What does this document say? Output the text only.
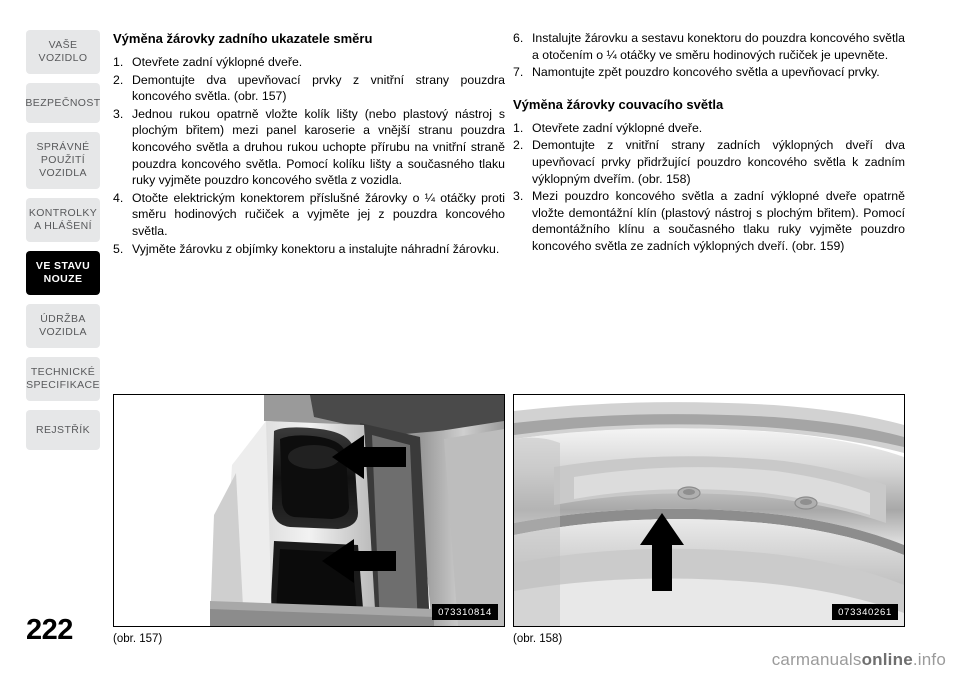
VAŠE
VOZIDLO
BEZPEČNOST
SPRÁVNÉ
POUŽITÍ
VOZIDLA
KONTROLKY
A HLÁŠENÍ
VE STAVU
NOUZE
ÚDRŽBA
VOZIDLA
TECHNICKÉ
SPECIFIKACE
REJSTŘÍK
222
Výměna žárovky zadního ukazatele směru
1. Otevřete zadní výklopné dveře.
2. Demontujte dva upevňovací prvky z vnitřní strany pouzdra koncového světla. (obr. 157)
3. Jednou rukou opatrně vložte kolík lišty (nebo plastový nástroj s plochým břitem) mezi panel karoserie a vnější stranu pouzdra koncového světla a druhou rukou uchopte přírubu na vnitřní straně pouzdra koncového světla. Pomocí kolíku lišty a současného tlaku ruky vyjměte pouzdro koncového světla z vozidla.
4. Otočte elektrickým konektorem příslušné žárovky o ¼ otáčky proti směru hodinových ručiček a vyjměte jej z pouzdra koncového světla.
5. Vyjměte žárovku z objímky konektoru a instalujte náhradní žárovku.
6. Instalujte žárovku a sestavu konektoru do pouzdra koncového světla a otočením o ¼ otáčky ve směru hodinových ručiček je upevněte.
7. Namontujte zpět pouzdro koncového světla a upevňovací prvky.
Výměna žárovky couvacího světla
1. Otevřete zadní výklopné dveře.
2. Demontujte z vnitřní strany zadních výklopných dveří dva upevňovací prvky přidržující pouzdro koncového světla k zadním výklopným dveřím. (obr. 158)
3. Mezi pouzdro koncového světla a zadní výklopné dveře opatrně vložte demontážní klín (plastový nástroj s plochým břitem). Pomocí demontážního klínu a současného tlaku ruky vyjměte pouzdro koncového světla ze zadních výklopných dveří. (obr. 159)
073310814
(obr. 157)
073340261
(obr. 158)
carmanualsonline.info
